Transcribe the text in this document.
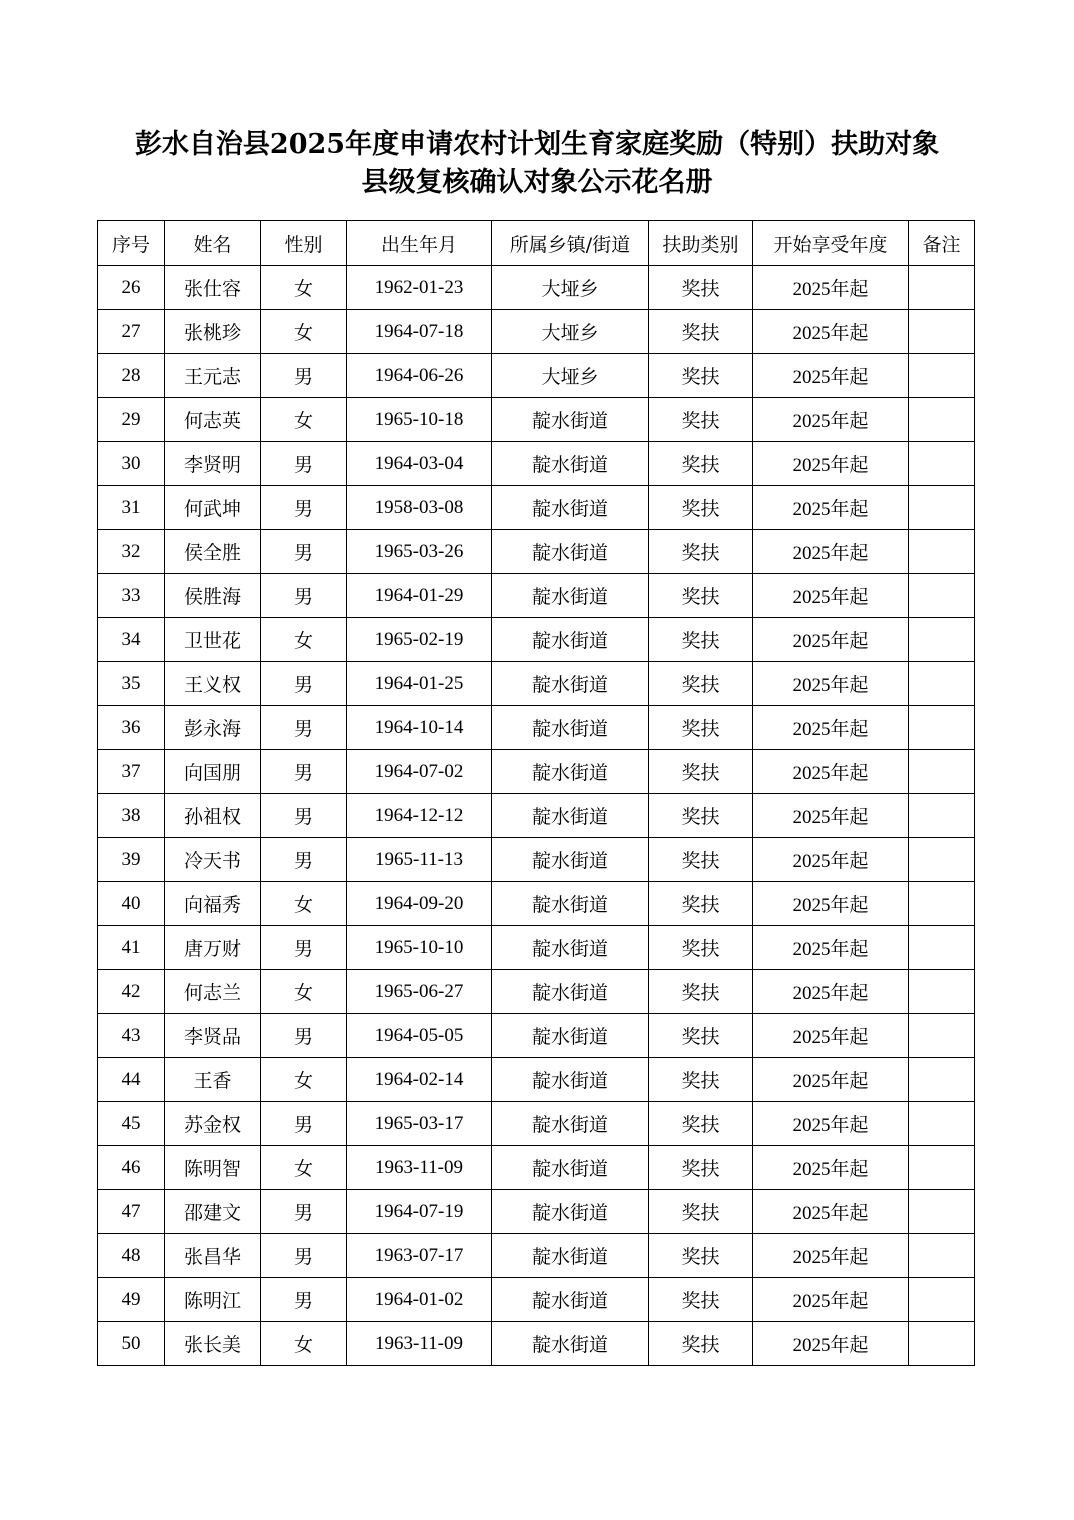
彭水自治县2025年度申请农村计划生育家庭奖励（特别）扶助对象
县级复核确认对象公示花名册
序号	姓名	性别	出生年月	所属乡镇/街道	扶助类别	开始享受年度	备注
26	张仕容	女	1962-01-23	大垭乡	奖扶	2025年起	
27	张桃珍	女	1964-07-18	大垭乡	奖扶	2025年起	
28	王元志	男	1964-06-26	大垭乡	奖扶	2025年起	
29	何志英	女	1965-10-18	靛水街道	奖扶	2025年起	
30	李贤明	男	1964-03-04	靛水街道	奖扶	2025年起	
31	何武坤	男	1958-03-08	靛水街道	奖扶	2025年起	
32	侯全胜	男	1965-03-26	靛水街道	奖扶	2025年起	
33	侯胜海	男	1964-01-29	靛水街道	奖扶	2025年起	
34	卫世花	女	1965-02-19	靛水街道	奖扶	2025年起	
35	王义权	男	1964-01-25	靛水街道	奖扶	2025年起	
36	彭永海	男	1964-10-14	靛水街道	奖扶	2025年起	
37	向国朋	男	1964-07-02	靛水街道	奖扶	2025年起	
38	孙祖权	男	1964-12-12	靛水街道	奖扶	2025年起	
39	冷天书	男	1965-11-13	靛水街道	奖扶	2025年起	
40	向福秀	女	1964-09-20	靛水街道	奖扶	2025年起	
41	唐万财	男	1965-10-10	靛水街道	奖扶	2025年起	
42	何志兰	女	1965-06-27	靛水街道	奖扶	2025年起	
43	李贤品	男	1964-05-05	靛水街道	奖扶	2025年起	
44	王香	女	1964-02-14	靛水街道	奖扶	2025年起	
45	苏金权	男	1965-03-17	靛水街道	奖扶	2025年起	
46	陈明智	女	1963-11-09	靛水街道	奖扶	2025年起	
47	邵建文	男	1964-07-19	靛水街道	奖扶	2025年起	
48	张昌华	男	1963-07-17	靛水街道	奖扶	2025年起	
49	陈明江	男	1964-01-02	靛水街道	奖扶	2025年起	
50	张长美	女	1963-11-09	靛水街道	奖扶	2025年起	
